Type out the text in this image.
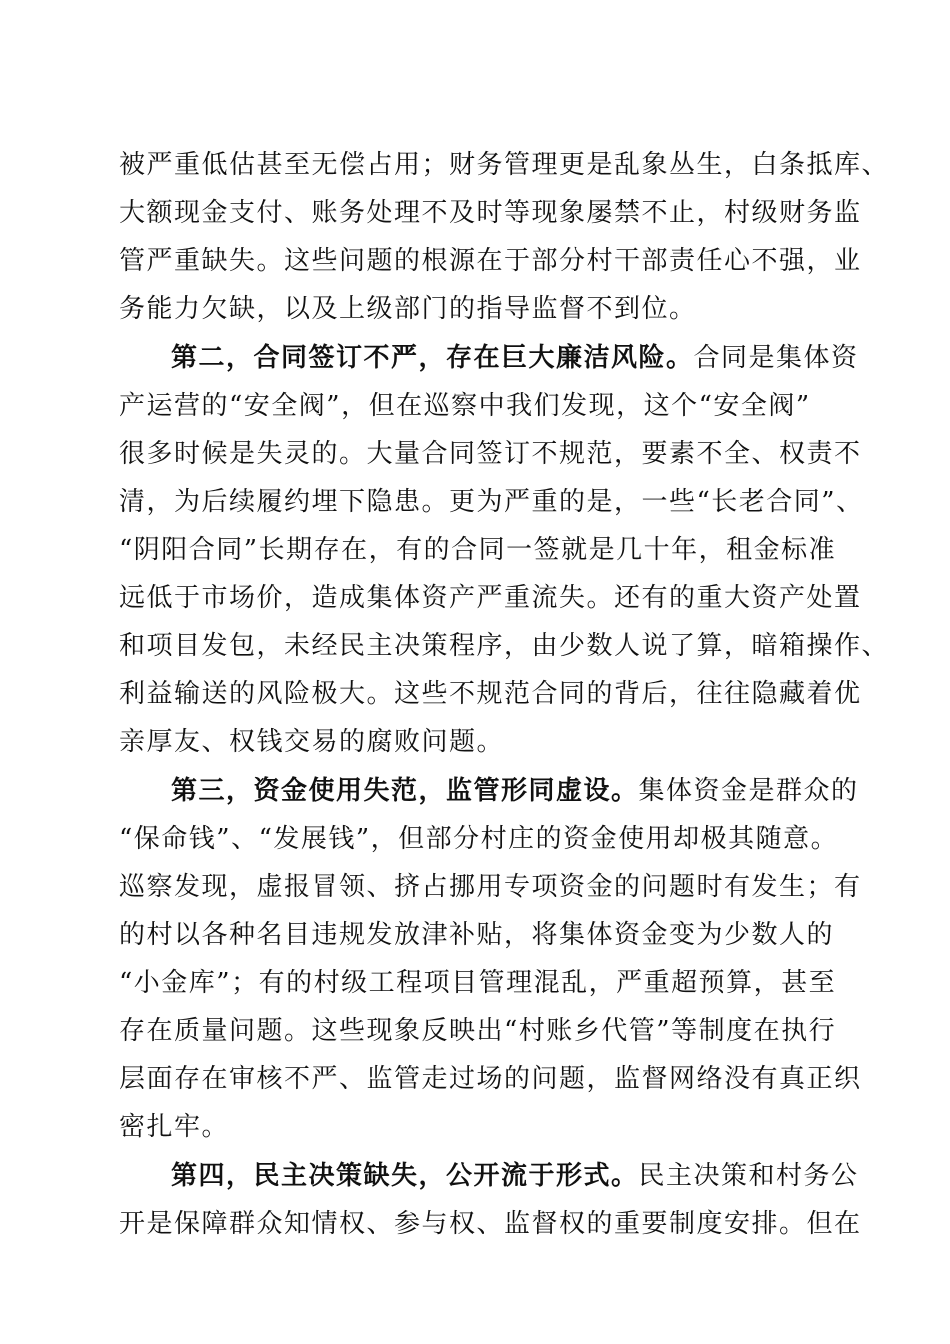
被严重低估甚至无偿占用；财务管理更是乱象丛生，白条抵库、
大额现金支付、账务处理不及时等现象屡禁不止，村级财务监
管严重缺失。这些问题的根源在于部分村干部责任心不强，业
务能力欠缺，以及上级部门的指导监督不到位。
第二，合同签订不严，存在巨大廉洁风险。合同是集体资
产运营的“安全阀”，但在巡察中我们发现，这个“安全阀”
很多时候是失灵的。大量合同签订不规范，要素不全、权责不
清，为后续履约埋下隐患。更为严重的是，一些“长老合同”、
“阴阳合同”长期存在，有的合同一签就是几十年，租金标准
远低于市场价，造成集体资产严重流失。还有的重大资产处置
和项目发包，未经民主决策程序，由少数人说了算，暗箱操作、
利益输送的风险极大。这些不规范合同的背后，往往隐藏着优
亲厚友、权钱交易的腐败问题。
第三，资金使用失范，监管形同虚设。集体资金是群众的
“保命钱”、“发展钱”，但部分村庄的资金使用却极其随意。
巡察发现，虚报冒领、挤占挪用专项资金的问题时有发生；有
的村以各种名目违规发放津补贴，将集体资金变为少数人的
“小金库”；有的村级工程项目管理混乱，严重超预算，甚至
存在质量问题。这些现象反映出“村账乡代管”等制度在执行
层面存在审核不严、监管走过场的问题，监督网络没有真正织
密扎牢。
第四，民主决策缺失，公开流于形式。民主决策和村务公
开是保障群众知情权、参与权、监督权的重要制度安排。但在
